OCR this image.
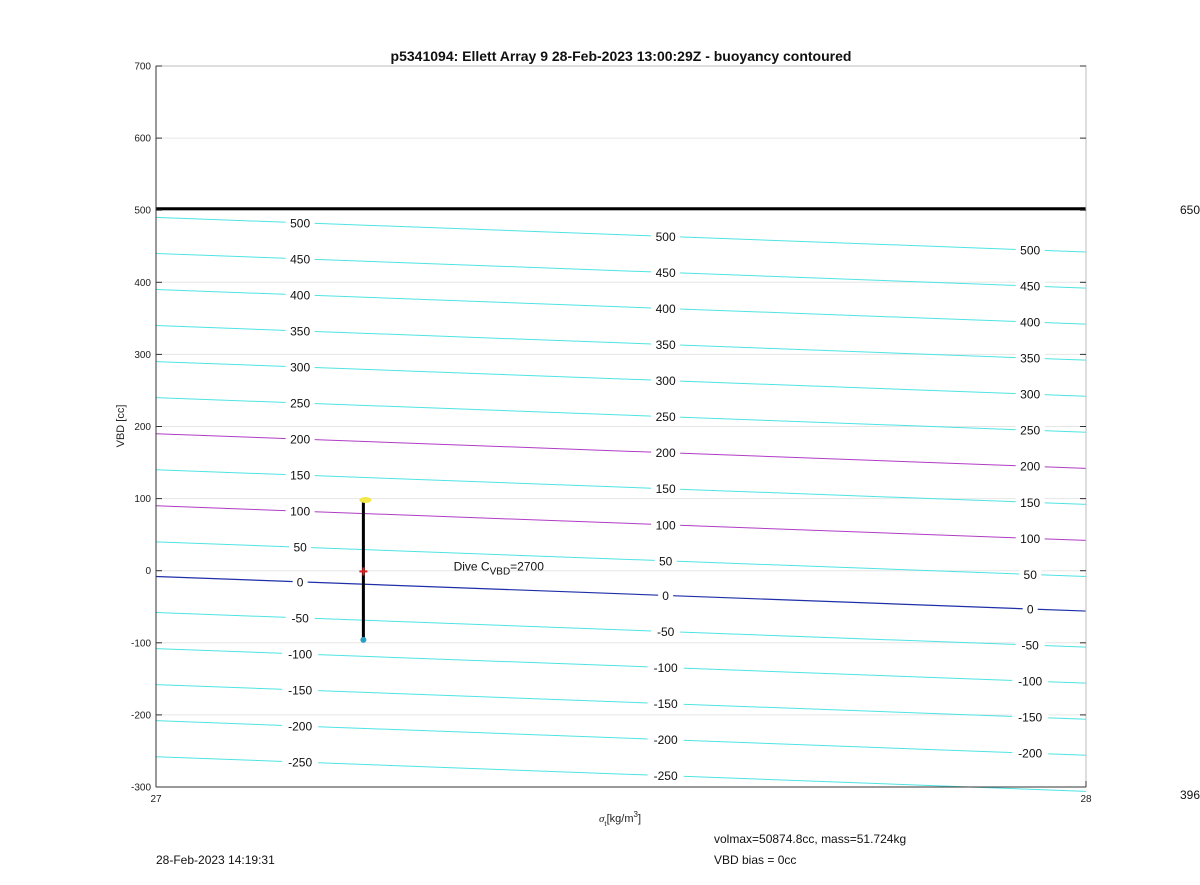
p5341094: Ellett Array 9 28-Feb-2023 13:00:29Z - buoyancy contoured
500
500
500
450
450
450
400
400
400
350
350
350
300
300
300
250
250
250
200
200
200
150
150
150
100
100
100
50
50
50
0
0
0
-50
-50
-50
-100
-100
-100
-150
-150
-150
-200
-200
-200
-250
-250
Dive $C_{VBD}=2700$
-300
-200
-100
0
100
200
300
400
500
600
700
27	28
VBD [cc]
$\sigma_t[kg/m^3]$
650
396
28-Feb-2023 14:19:31
volmax=50874.8cc, mass=51.724kg
VBD bias = 0cc
